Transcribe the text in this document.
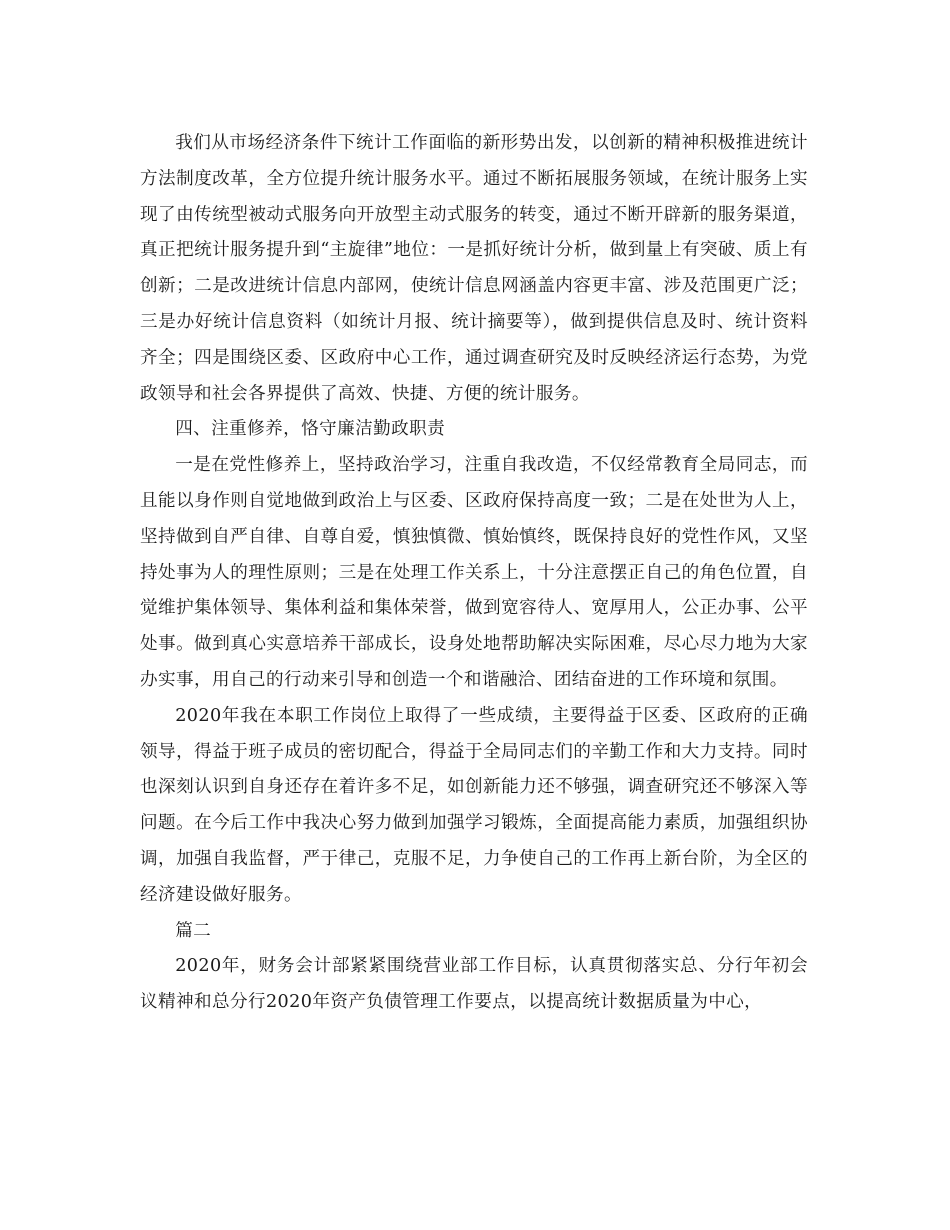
我们从市场经济条件下统计工作面临的新形势出发，以创新的精神积极推进统计方法制度改革，全方位提升统计服务水平。通过不断拓展服务领域，在统计服务上实现了由传统型被动式服务向开放型主动式服务的转变，通过不断开辟新的服务渠道，真正把统计服务提升到“主旋律”地位：一是抓好统计分析，做到量上有突破、质上有创新；二是改进统计信息内部网，使统计信息网涵盖内容更丰富、涉及范围更广泛；三是办好统计信息资料（如统计月报、统计摘要等），做到提供信息及时、统计资料齐全；四是围绕区委、区政府中心工作，通过调查研究及时反映经济运行态势，为党政领导和社会各界提供了高效、快捷、方便的统计服务。

四、注重修养，恪守廉洁勤政职责

一是在党性修养上，坚持政治学习，注重自我改造，不仅经常教育全局同志，而且能以身作则自觉地做到政治上与区委、区政府保持高度一致；二是在处世为人上，坚持做到自严自律、自尊自爱，慎独慎微、慎始慎终，既保持良好的党性作风，又坚持处事为人的理性原则；三是在处理工作关系上，十分注意摆正自己的角色位置，自觉维护集体领导、集体利益和集体荣誉，做到宽容待人、宽厚用人，公正办事、公平处事。做到真心实意培养干部成长，设身处地帮助解决实际困难，尽心尽力地为大家办实事，用自己的行动来引导和创造一个和谐融洽、团结奋进的工作环境和氛围。

2020年我在本职工作岗位上取得了一些成绩，主要得益于区委、区政府的正确领导，得益于班子成员的密切配合，得益于全局同志们的辛勤工作和大力支持。同时也深刻认识到自身还存在着许多不足，如创新能力还不够强，调查研究还不够深入等问题。在今后工作中我决心努力做到加强学习锻炼，全面提高能力素质，加强组织协调，加强自我监督，严于律己，克服不足，力争使自己的工作再上新台阶，为全区的经济建设做好服务。

篇二

2020年，财务会计部紧紧围绕营业部工作目标，认真贯彻落实总、分行年初会议精神和总分行2020年资产负债管理工作要点，以提高统计数据质量为中心，
